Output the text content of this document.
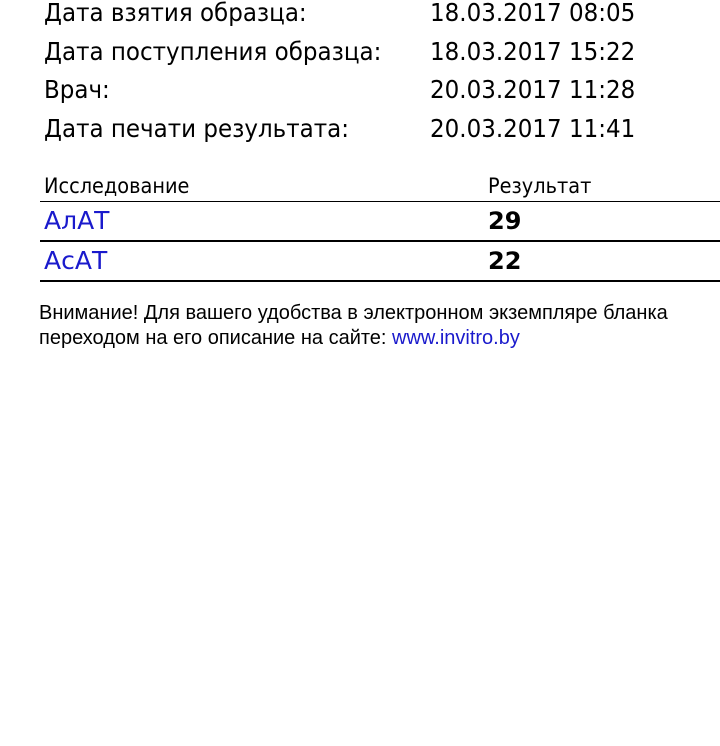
Дата взятия образца:	18.03.2017 08:05
Дата поступления образца: 18.03.2017 15:22
Врач:	20.03.2017 11:28
Дата печати результата:	20.03.2017 11:41
Исследование	Результат
АлАТ	29
АсАТ	22
Внимание! Для вашего удобства в электронном экземпляре бланка
переходом на его описание на сайте: www.invitro.by
